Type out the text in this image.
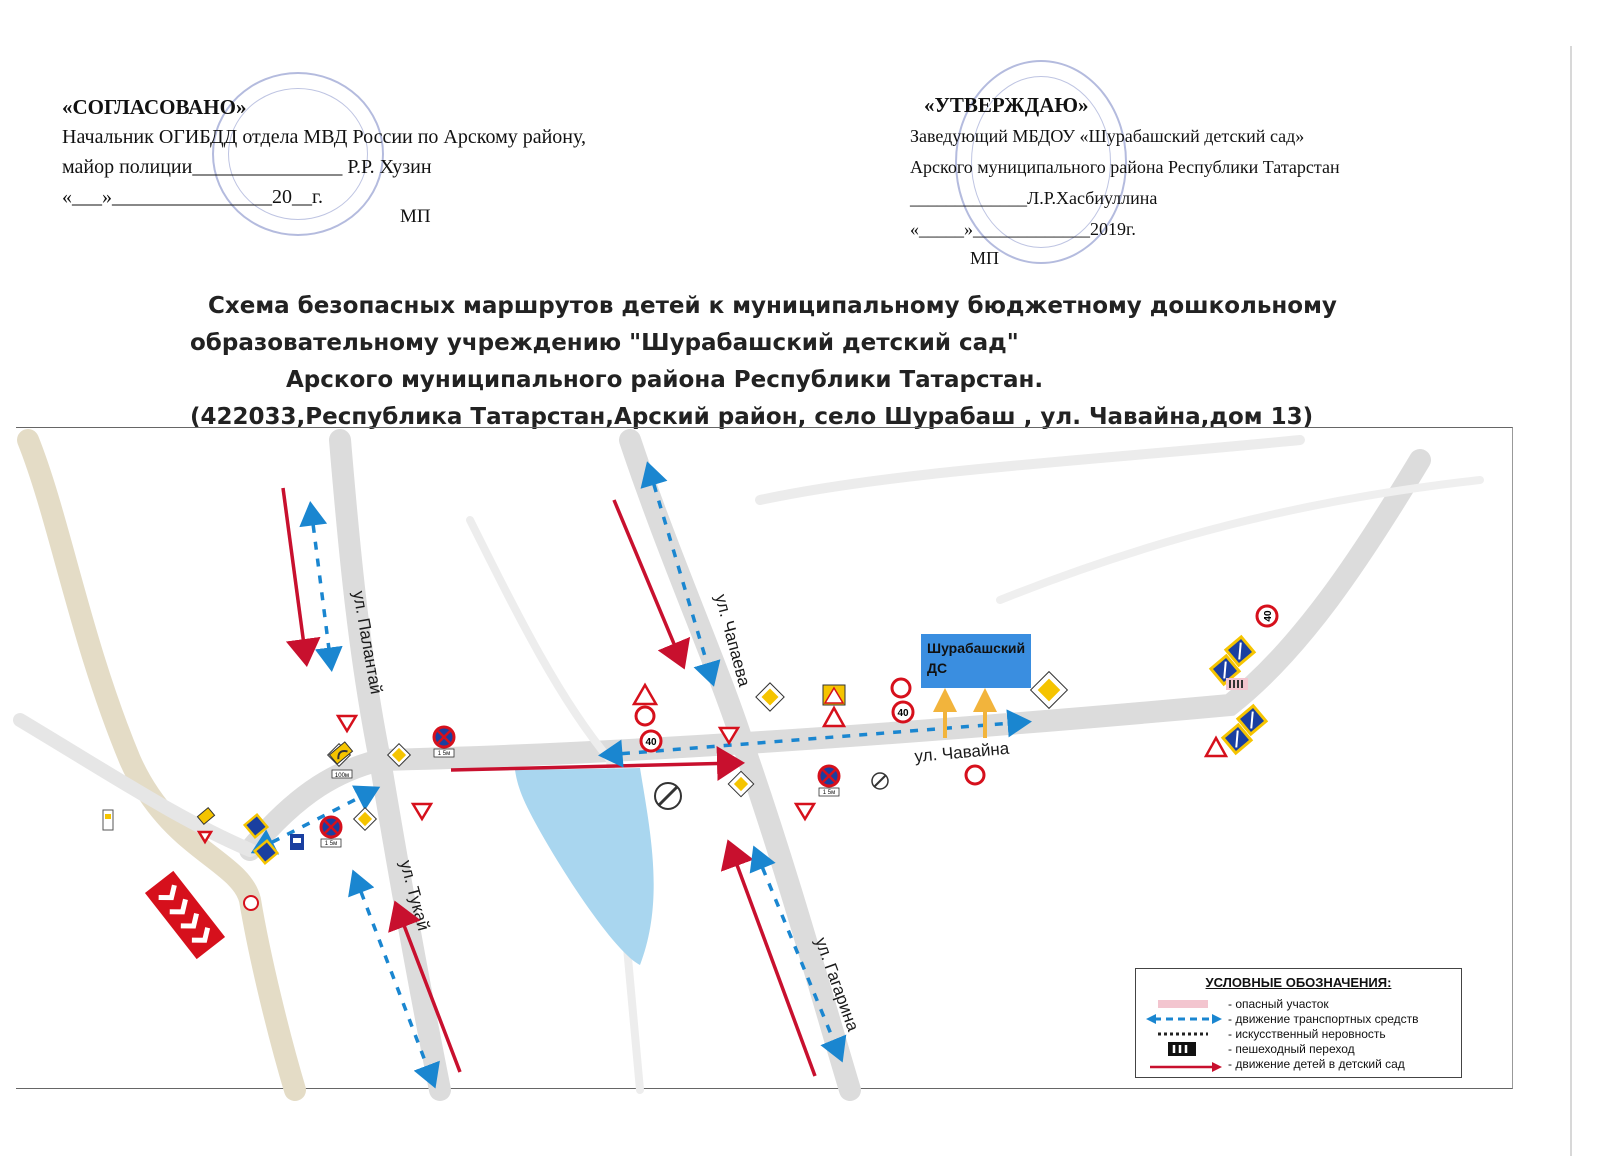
«СОГЛАСОВАНО»
Начальник ОГИБДД отдела МВД России по Арскому району,
майор полиции_______________ Р.Р. Хузин
«___»________________20__г.
МП
«УТВЕРЖДАЮ»
Заведующий МБДОУ «Шурабашский детский сад»
Арского муниципального района Республики Татарстан
_____________Л.Р.Хасбиуллина
«_____»_____________2019г.
МП
Схема безопасных маршрутов детей к муниципальному бюджетному дошкольному
образовательному учреждению "Шурабашский детский сад"
Арского муниципального района Республики Татарстан.
(422033,Республика Татарстан,Арский район, село Шурабаш , ул. Чавайна,дом 13)
ул. Палантай	ул. Чапаева
ул. Чавайна
ул. Тукай
ул. Гагарина
1 5м
1 5м
1 5м
40
40
40
100м
Шурабашский ДС
УСЛОВНЫЕ ОБОЗНАЧЕНИЯ:
- опасный участок
- движение транспортных средств
- искусственный неровность
- пешеходный переход
- движение детей в детский сад
